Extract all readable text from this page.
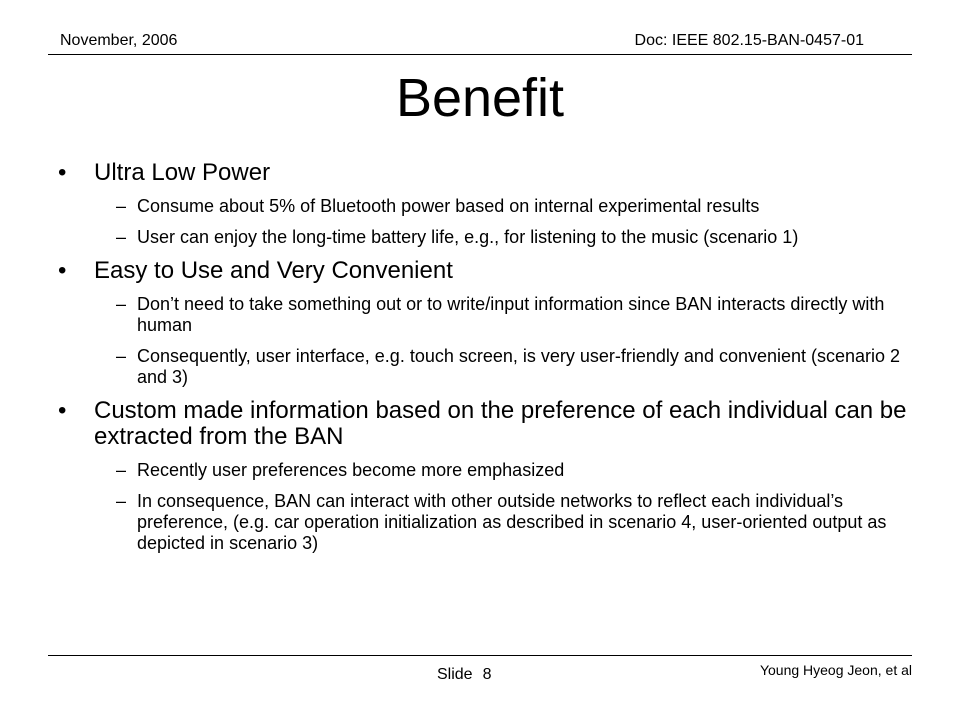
November, 2006	Doc: IEEE 802.15-BAN-0457-01
Benefit
•	Ultra Low Power
– Consume about 5% of Bluetooth power based on internal experimental results
– User can enjoy the long-time battery life, e.g., for listening to the music (scenario 1)
•	Easy to Use and Very Convenient
– Don’t need to take something out or to write/input information since BAN interacts directly with human
– Consequently, user interface, e.g. touch screen, is very user-friendly and convenient (scenario 2 and 3)
•	Custom made information based on the preference of each individual can be extracted from the BAN
– Recently user preferences become more emphasized
– In consequence, BAN can interact with other outside networks to reflect each individual’s preference, (e.g. car operation initialization as described in scenario 4, user-oriented output as depicted in scenario 3)
Slide 8	Young Hyeog Jeon, et al
